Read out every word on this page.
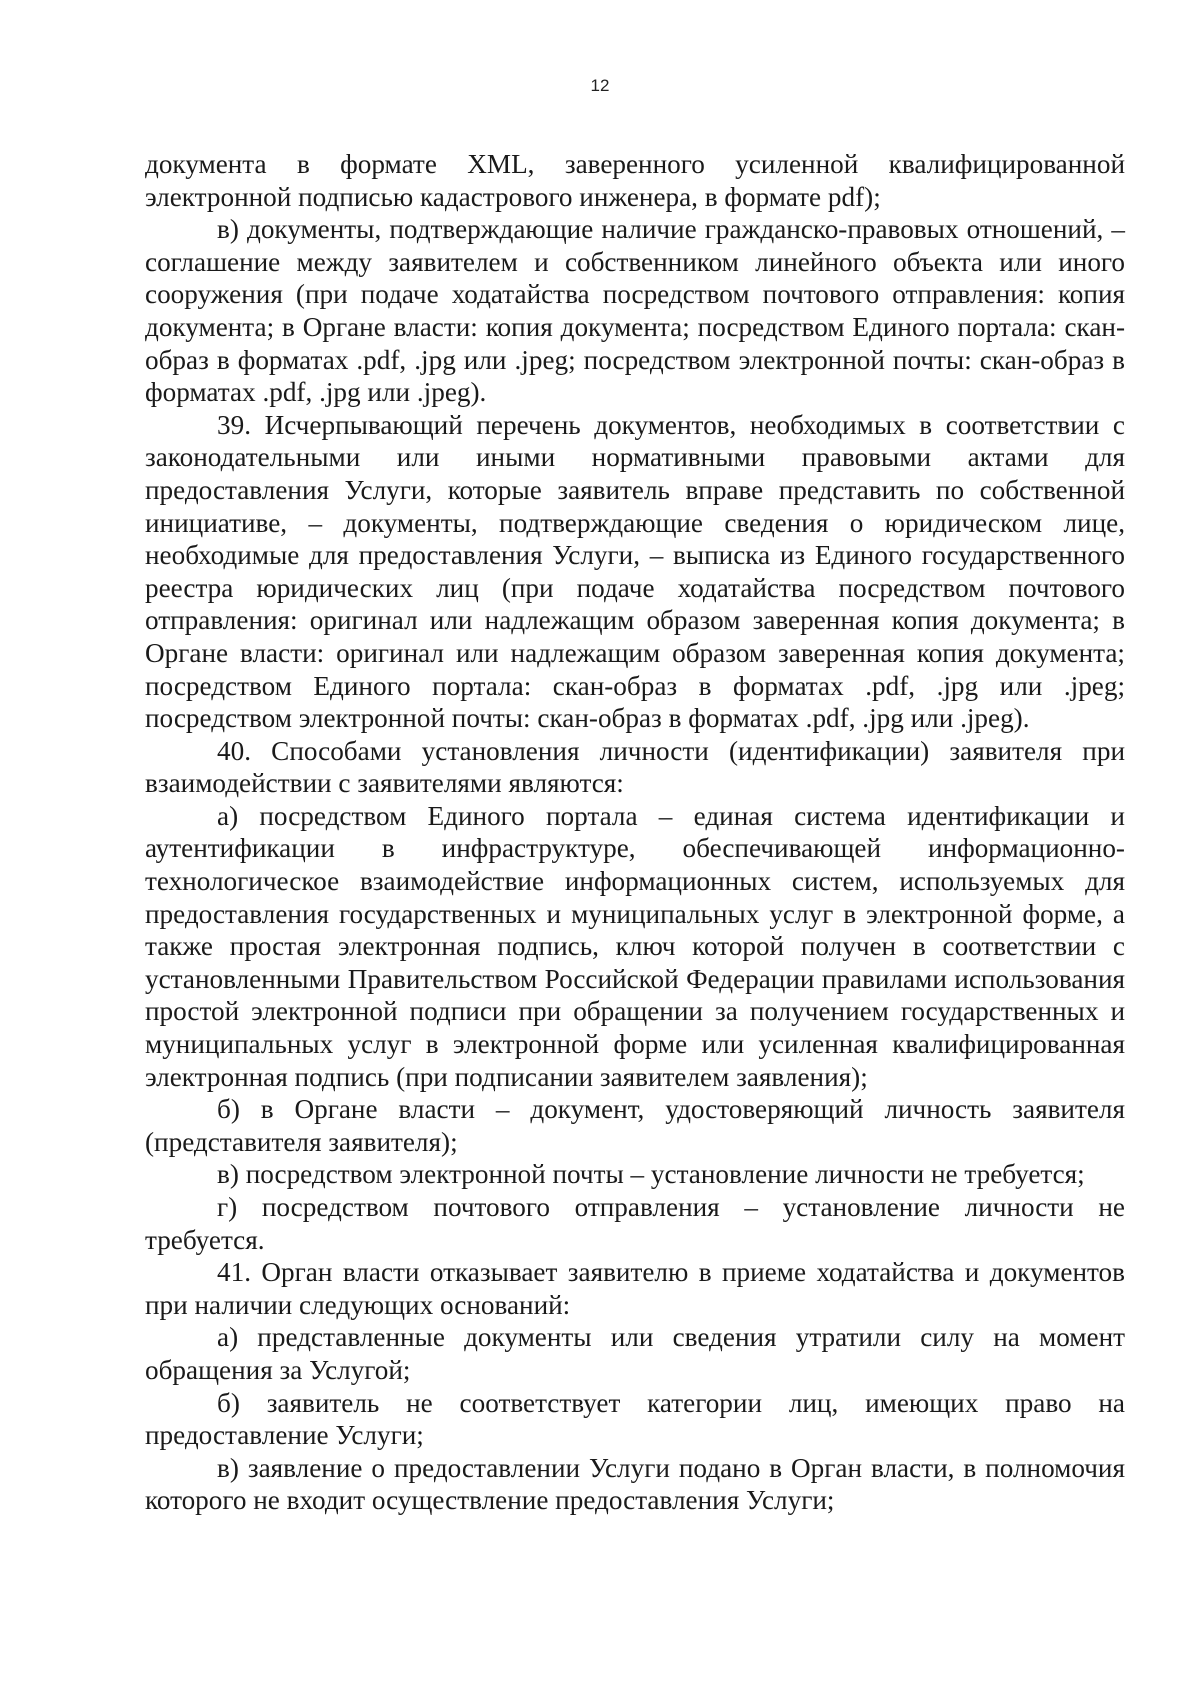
12

документа в формате XML, заверенного усиленной квалифицированной электронной подписью кадастрового инженера, в формате pdf);

в) документы, подтверждающие наличие гражданско-правовых отношений, – соглашение между заявителем и собственником линейного объекта или иного сооружения (при подаче ходатайства посредством почтового отправления: копия документа; в Органе власти: копия документа; посредством Единого портала: скан-образ в форматах .pdf, .jpg или .jpeg; посредством электронной почты: скан-образ в форматах .pdf, .jpg или .jpeg).

39. Исчерпывающий перечень документов, необходимых в соответствии с законодательными или иными нормативными правовыми актами для предоставления Услуги, которые заявитель вправе представить по собственной инициативе, – документы, подтверждающие сведения о юридическом лице, необходимые для предоставления Услуги, – выписка из Единого государственного реестра юридических лиц (при подаче ходатайства посредством почтового отправления: оригинал или надлежащим образом заверенная копия документа; в Органе власти: оригинал или надлежащим образом заверенная копия документа; посредством Единого портала: скан-образ в форматах .pdf, .jpg или .jpeg; посредством электронной почты: скан-образ в форматах .pdf, .jpg или .jpeg).

40. Способами установления личности (идентификации) заявителя при взаимодействии с заявителями являются:

а) посредством Единого портала – единая система идентификации и аутентификации в инфраструктуре, обеспечивающей информационно-технологическое взаимодействие информационных систем, используемых для предоставления государственных и муниципальных услуг в электронной форме, а также простая электронная подпись, ключ которой получен в соответствии с установленными Правительством Российской Федерации правилами использования простой электронной подписи при обращении за получением государственных и муниципальных услуг в электронной форме или усиленная квалифицированная электронная подпись (при подписании заявителем заявления);

б) в Органе власти – документ, удостоверяющий личность заявителя (представителя заявителя);

в) посредством электронной почты – установление личности не требуется;

г) посредством почтового отправления – установление личности не требуется.

41. Орган власти отказывает заявителю в приеме ходатайства и документов при наличии следующих оснований:

а) представленные документы или сведения утратили силу на момент обращения за Услугой;

б) заявитель не соответствует категории лиц, имеющих право на предоставление Услуги;

в) заявление о предоставлении Услуги подано в Орган власти, в полномочия которого не входит осуществление предоставления Услуги;
